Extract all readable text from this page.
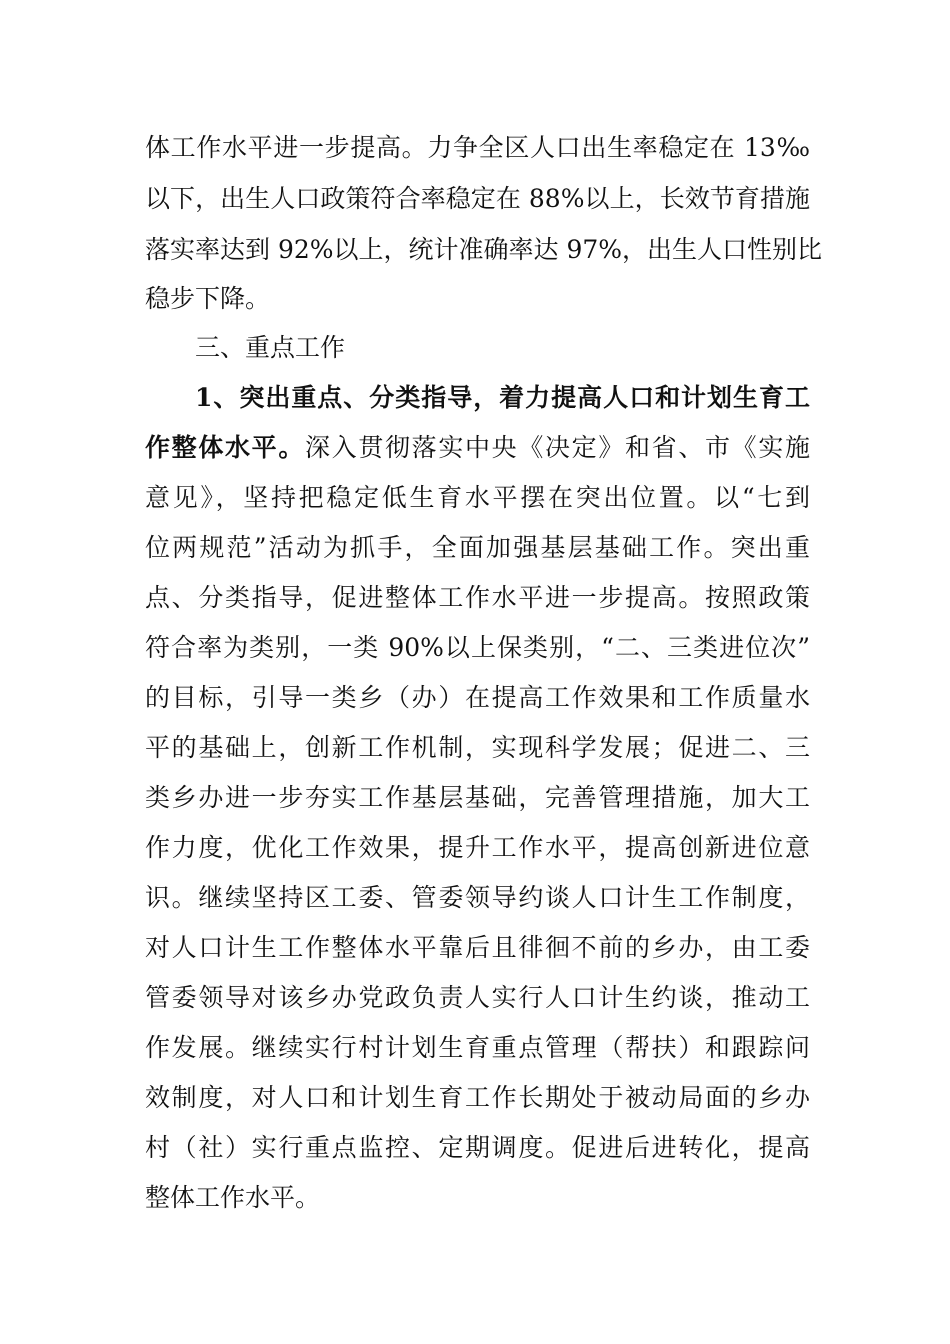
体工作水平进一步提高。力争全区人口出生率稳定在 13‰
以下，出生人口政策符合率稳定在 88%以上，长效节育措施
落实率达到 92%以上，统计准确率达 97%，出生人口性别比
稳步下降。
三、重点工作
1、突出重点、分类指导，着力提高人口和计划生育工
作整体水平。深入贯彻落实中央《决定》和省、市《实施
意见》，坚持把稳定低生育水平摆在突出位置。以“七到
位两规范”活动为抓手，全面加强基层基础工作。突出重
点、分类指导，促进整体工作水平进一步提高。按照政策
符合率为类别，一类 90%以上保类别，“二、三类进位次”
的目标，引导一类乡（办）在提高工作效果和工作质量水
平的基础上，创新工作机制，实现科学发展；促进二、三
类乡办进一步夯实工作基层基础，完善管理措施，加大工
作力度，优化工作效果，提升工作水平，提高创新进位意
识。继续坚持区工委、管委领导约谈人口计生工作制度，
对人口计生工作整体水平靠后且徘徊不前的乡办，由工委
管委领导对该乡办党政负责人实行人口计生约谈，推动工
作发展。继续实行村计划生育重点管理（帮扶）和跟踪问
效制度，对人口和计划生育工作长期处于被动局面的乡办
村（社）实行重点监控、定期调度。促进后进转化，提高
整体工作水平。
